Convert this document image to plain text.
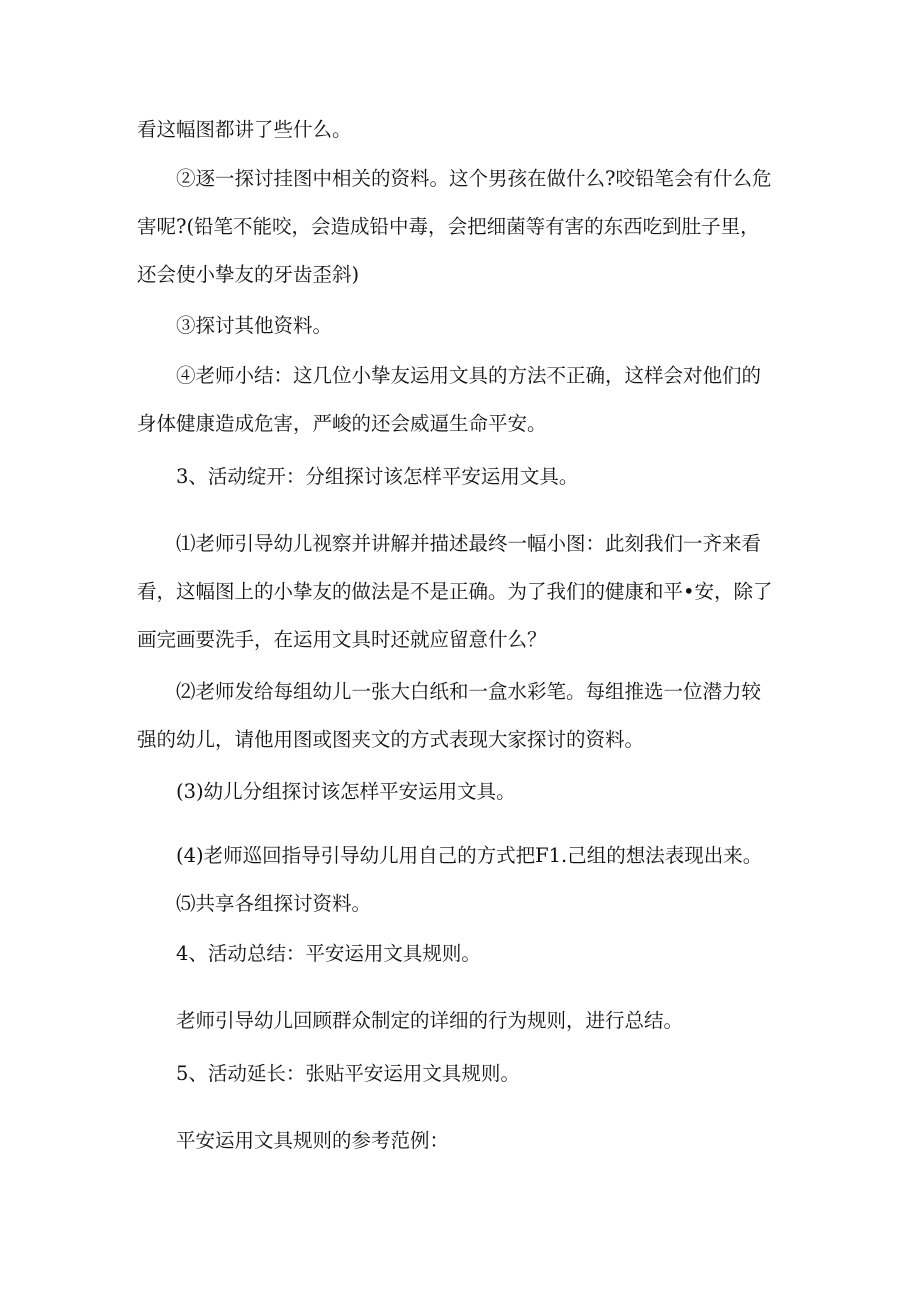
看这幅图都讲了些什么。

②逐一探讨挂图中相关的资料。这个男孩在做什么?咬铅笔会有什么危

害呢?(铅笔不能咬，会造成铅中毒，会把细菌等有害的东西吃到肚子里，
还会使小挚友的牙齿歪斜)

③探讨其他资料。

④老师小结：这几位小挚友运用文具的方法不正确，这样会对他们的

身体健康造成危害，严峻的还会威逼生命平安。

3、活动绽开：分组探讨该怎样平安运用文具。

⑴老师引导幼儿视察并讲解并描述最终一幅小图：此刻我们一齐来看

看，这幅图上的小挚友的做法是不是正确。为了我们的健康和平•安，除了
画完画要洗手，在运用文具时还就应留意什么？

⑵老师发给每组幼儿一张大白纸和一盒水彩笔。每组推选一位潜力较

强的幼儿，请他用图或图夹文的方式表现大家探讨的资料。

(3)幼儿分组探讨该怎样平安运用文具。

(4)老师巡回指导引导幼儿用自己的方式把F1.己组的想法表现出来。

⑸共享各组探讨资料。

4、活动总结：平安运用文具规则。

老师引导幼儿回顾群众制定的详细的行为规则，进行总结。

5、活动延长：张贴平安运用文具规则。

平安运用文具规则的参考范例：
